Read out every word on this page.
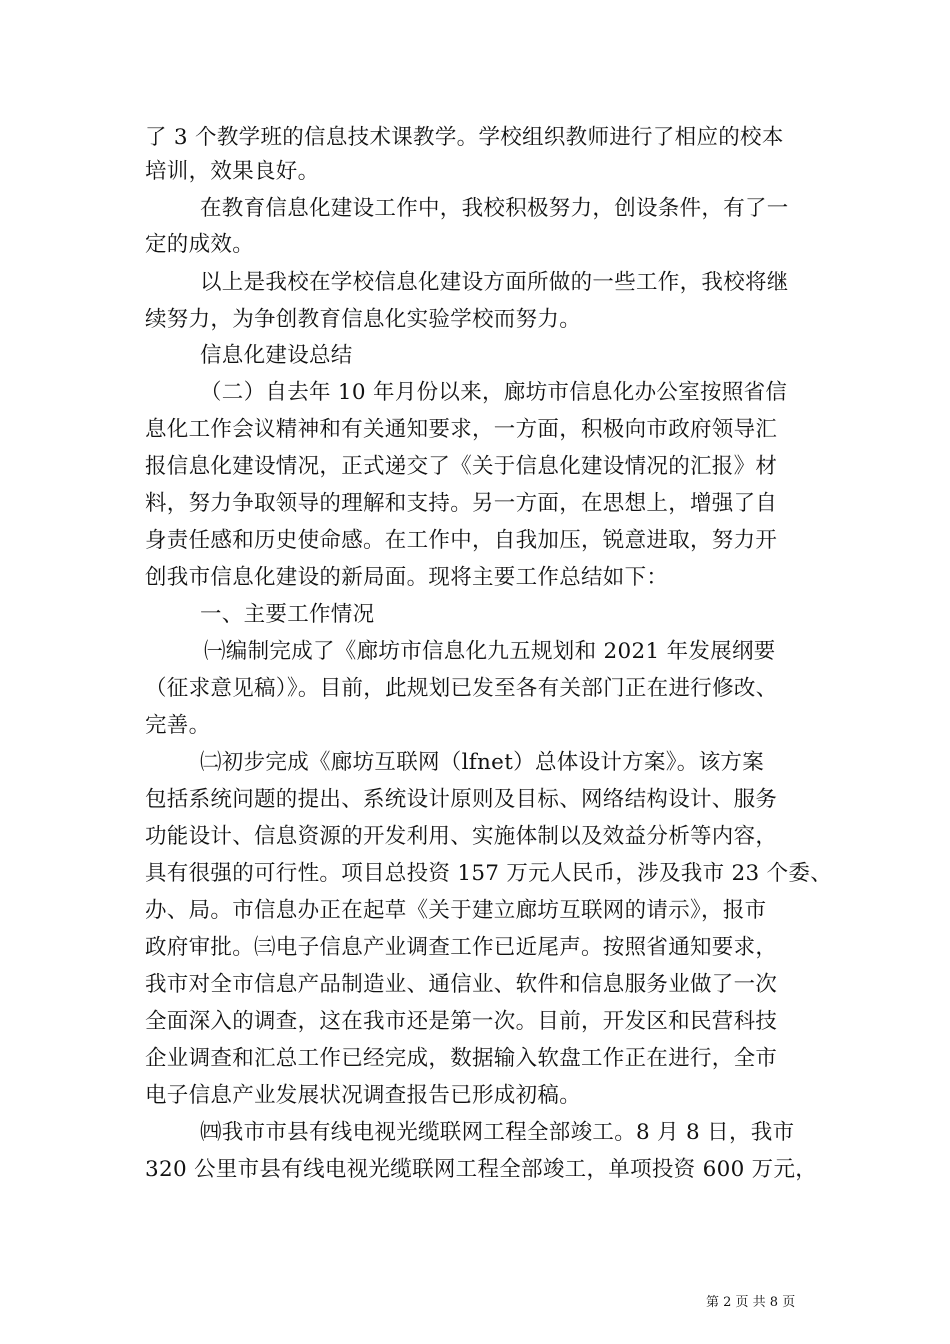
了 3 个教学班的信息技术课教学。学校组织教师进行了相应的校本
培训，效果良好。
在教育信息化建设工作中，我校积极努力，创设条件，有了一
定的成效。
以上是我校在学校信息化建设方面所做的一些工作，我校将继
续努力，为争创教育信息化实验学校而努力。
信息化建设总结
（二）自去年 10 年月份以来，廊坊市信息化办公室按照省信
息化工作会议精神和有关通知要求，一方面，积极向市政府领导汇
报信息化建设情况，正式递交了《关于信息化建设情况的汇报》材
料，努力争取领导的理解和支持。另一方面，在思想上，增强了自
身责任感和历史使命感。在工作中，自我加压，锐意进取，努力开
创我市信息化建设的新局面。现将主要工作总结如下：
一、主要工作情况
㈠编制完成了《廊坊市信息化九五规划和 2021 年发展纲要
（征求意见稿）》。目前，此规划已发至各有关部门正在进行修改、
完善。
㈡初步完成《廊坊互联网（lfnet）总体设计方案》。该方案
包括系统问题的提出、系统设计原则及目标、网络结构设计、服务
功能设计、信息资源的开发利用、实施体制以及效益分析等内容，
具有很强的可行性。项目总投资 157 万元人民币，涉及我市 23 个委、
办、局。市信息办正在起草《关于建立廊坊互联网的请示》，报市
政府审批。㈢电子信息产业调查工作已近尾声。按照省通知要求，
我市对全市信息产品制造业、通信业、软件和信息服务业做了一次
全面深入的调查，这在我市还是第一次。目前，开发区和民营科技
企业调查和汇总工作已经完成，数据输入软盘工作正在进行，全市
电子信息产业发展状况调查报告已形成初稿。
㈣我市市县有线电视光缆联网工程全部竣工。8 月 8 日，我市
320 公里市县有线电视光缆联网工程全部竣工，单项投资 600 万元，
第 2 页 共 8 页
